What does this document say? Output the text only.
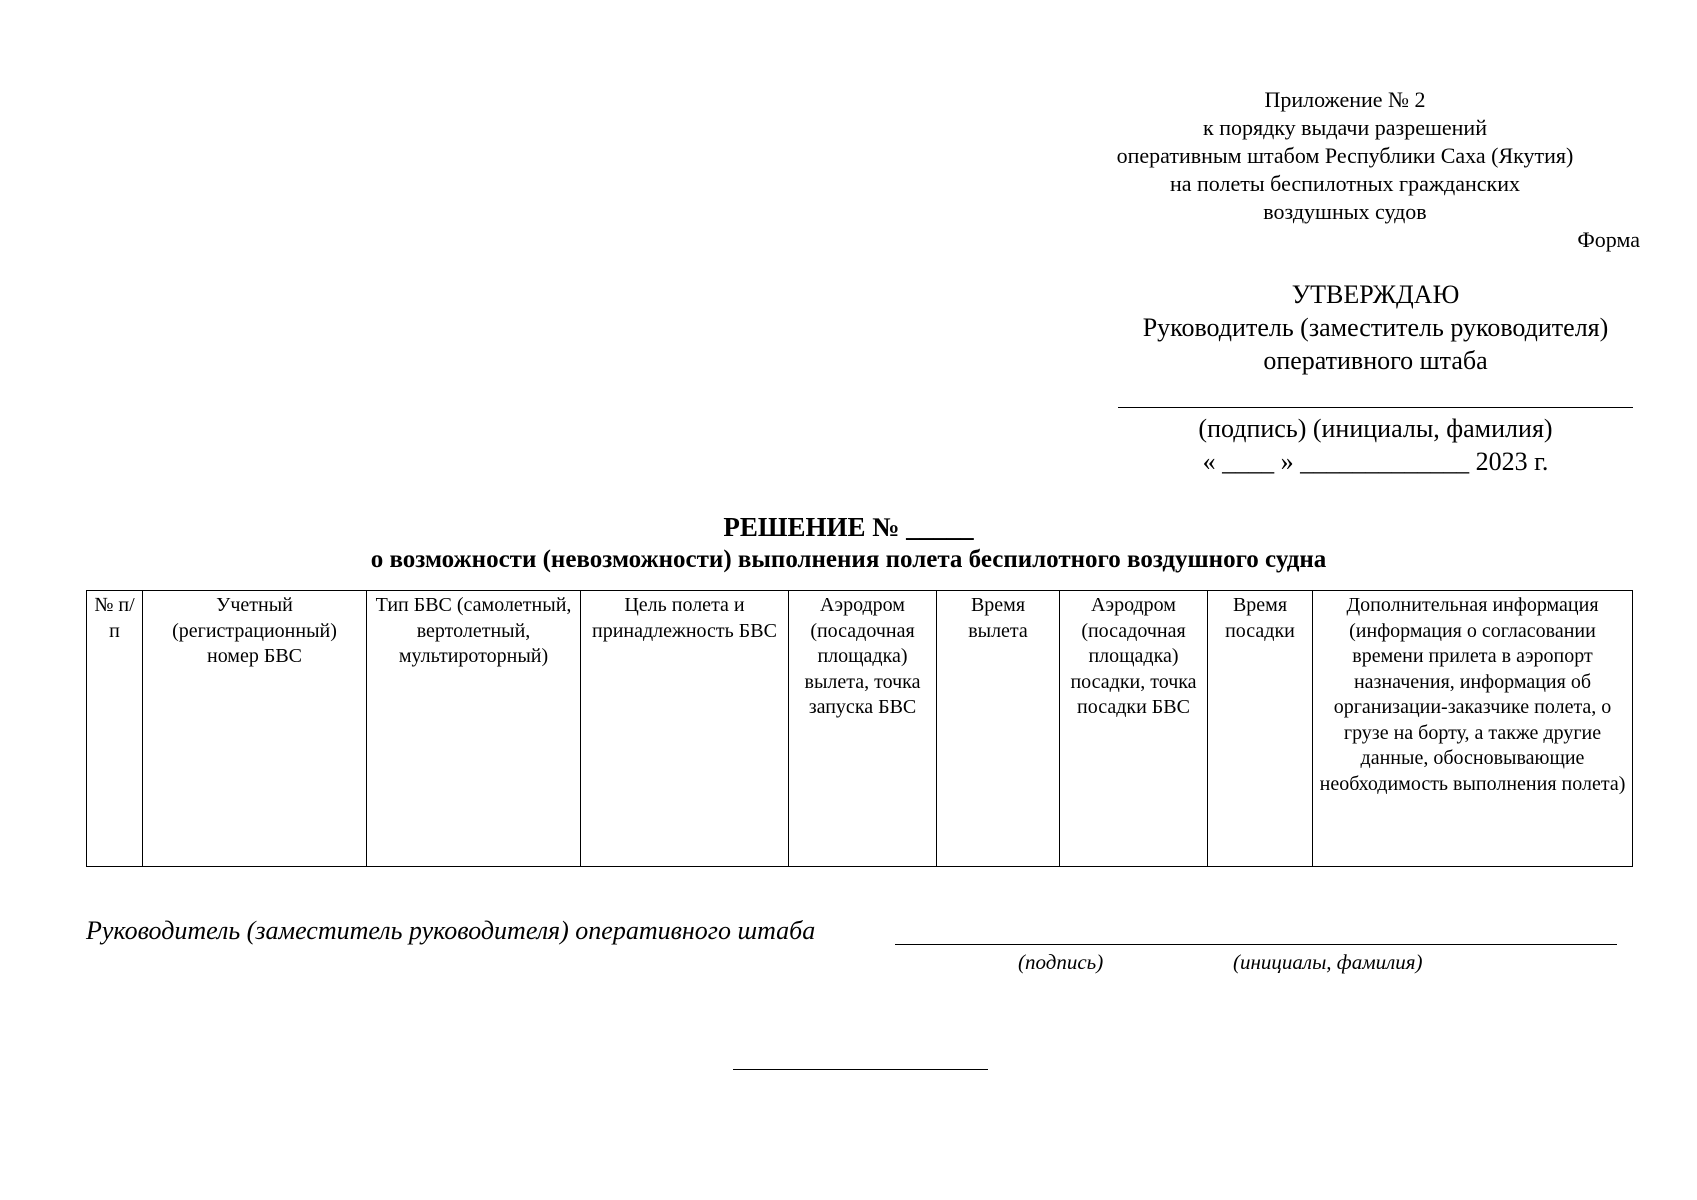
Приложение № 2
к порядку выдачи разрешений
оперативным штабом Республики Саха (Якутия)
на полеты беспилотных гражданских
воздушных судов
Форма
УТВЕРЖДАЮ
Руководитель (заместитель руководителя)
оперативного штаба
(подпись) (инициалы, фамилия)
« ____ » _____________ 2023 г.
РЕШЕНИЕ № _____
о возможности (невозможности) выполнения полета беспилотного воздушного судна
№ п/п	Учетный (регистрационный) номер БВС	Тип БВС (самолетный, вертолетный, мультироторный)	Цель полета и принадлежность БВС	Аэродром (посадочная площадка) вылета, точка запуска БВС	Время вылета	Аэродром (посадочная площадка) посадки, точка посадки БВС	Время посадки	Дополнительная информация (информация о согласовании времени прилета в аэропорт назначения, информация об организации-заказчике полета, о грузе на борту, а также другие данные, обосновывающие необходимость выполнения полета)
Руководитель (заместитель руководителя) оперативного штаба
(подпись)	(инициалы, фамилия)
